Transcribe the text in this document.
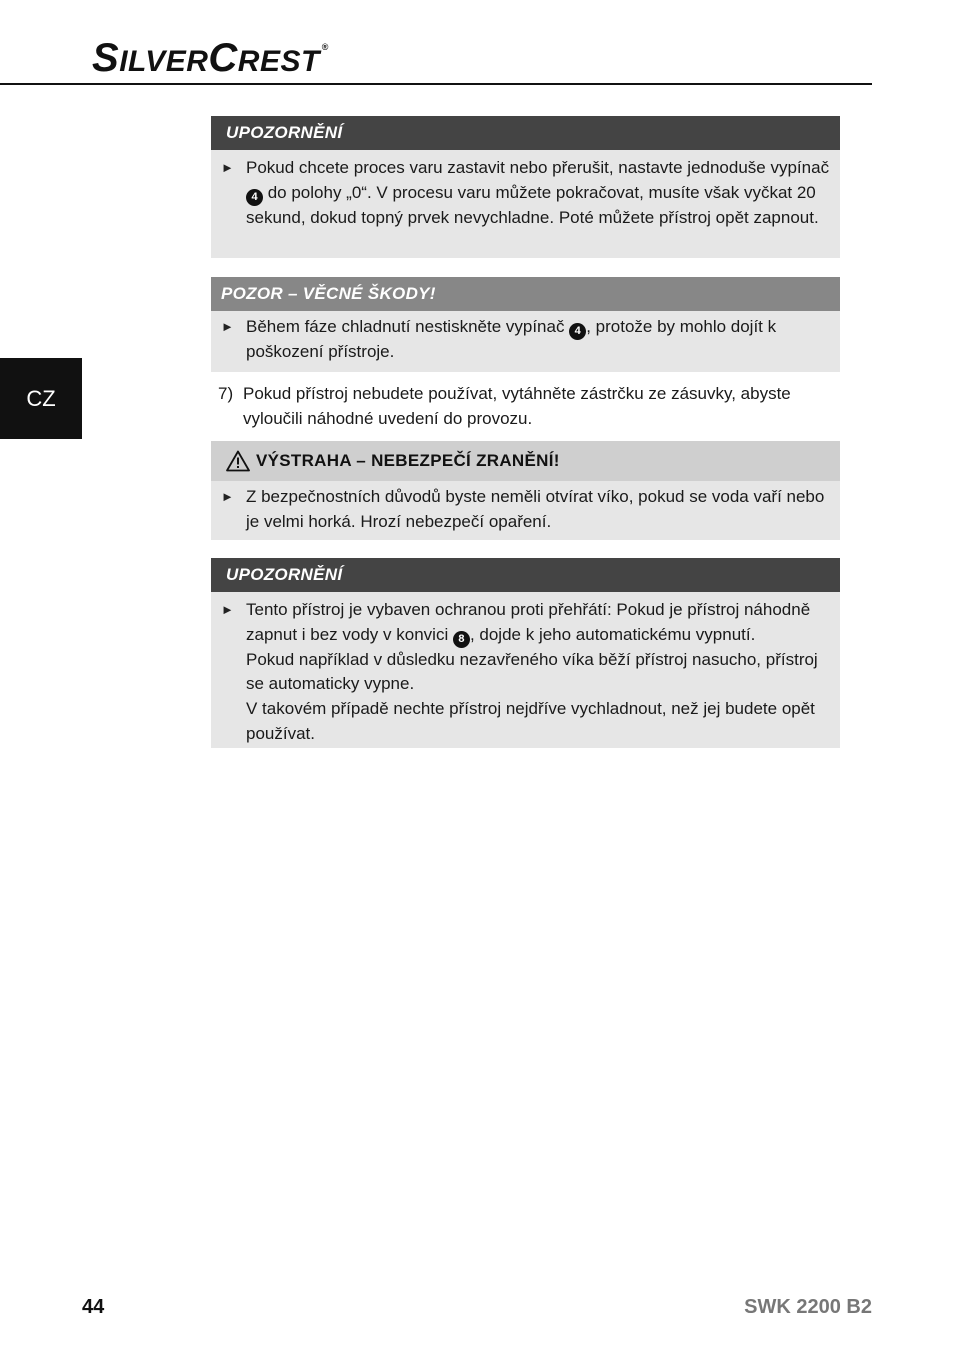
SILVERCREST ®
CZ
UPOZORNĚNÍ
► Pokud chcete proces varu zastavit nebo přerušit, nastavte jednoduše vypínač 4 do polohy „0“. V procesu varu můžete pokračovat, musíte však vyčkat 20 sekund, dokud topný prvek nevychladne. Poté můžete přístroj opět zapnout.
POZOR – VĚCNÉ ŠKODY!
► Během fáze chladnutí nestiskněte vypínač 4 , protože by mohlo dojít k poškození přístroje.
7) Pokud přístroj nebudete používat, vytáhněte zástrčku ze zásuvky, abyste vyloučili náhodné uvedení do provozu.
VÝSTRAHA – NEBEZPEČÍ ZRANĚNÍ!
► Z bezpečnostních důvodů byste neměli otvírat víko, pokud se voda vaří nebo je velmi horká. Hrozí nebezpečí opaření.
UPOZORNĚNÍ
► Tento přístroj je vybaven ochranou proti přehřátí: Pokud je přístroj náhodně zapnut i bez vody v konvici 8 , dojde k jeho automatickému vypnutí.
Pokud například v důsledku nezavřeného víka běží přístroj nasucho, přístroj se automaticky vypne.
V takovém případě nechte přístroj nejdříve vychladnout, než jej budete opět používat.
44	SWK 2200 B2
